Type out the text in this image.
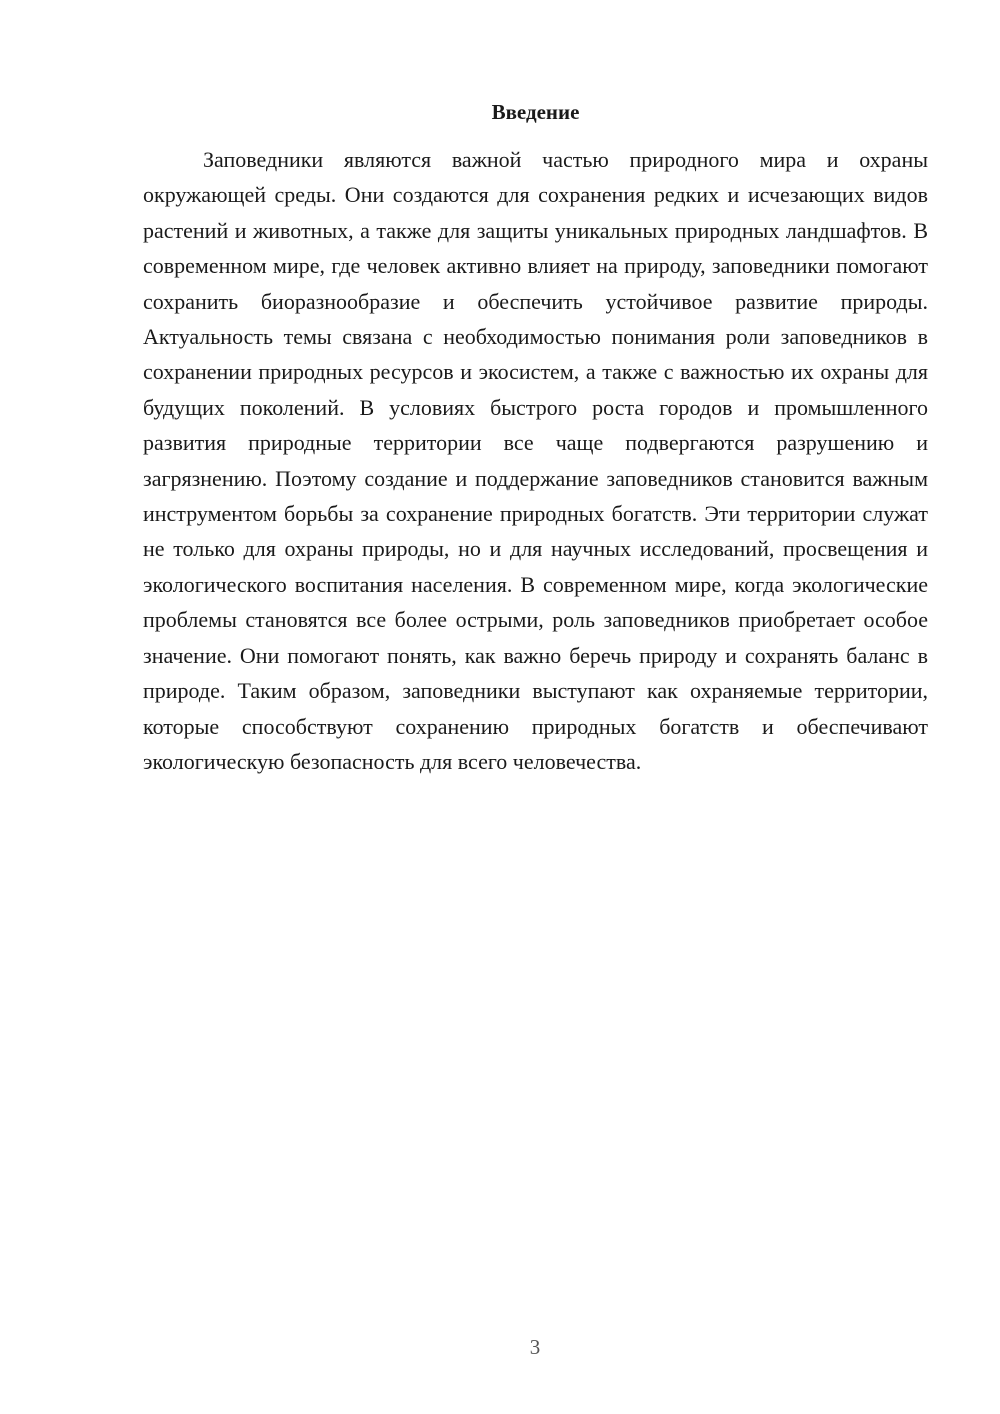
Введение

Заповедники являются важной частью природного мира и охраны окружающей среды. Они создаются для сохранения редких и исчезающих видов растений и животных, а также для защиты уникальных природных ландшафтов. В современном мире, где человек активно влияет на природу, заповедники помогают сохранить биоразнообразие и обеспечить устойчивое развитие природы. Актуальность темы связана с необходимостью понимания роли заповедников в сохранении природных ресурсов и экосистем, а также с важностью их охраны для будущих поколений. В условиях быстрого роста городов и промышленного развития природные территории все чаще подвергаются разрушению и загрязнению. Поэтому создание и поддержание заповедников становится важным инструментом борьбы за сохранение природных богатств. Эти территории служат не только для охраны природы, но и для научных исследований, просвещения и экологического воспитания населения. В современном мире, когда экологические проблемы становятся все более острыми, роль заповедников приобретает особое значение. Они помогают понять, как важно беречь природу и сохранять баланс в природе. Таким образом, заповедники выступают как охраняемые территории, которые способствуют сохранению природных богатств и обеспечивают экологическую безопасность для всего человечества.

3
